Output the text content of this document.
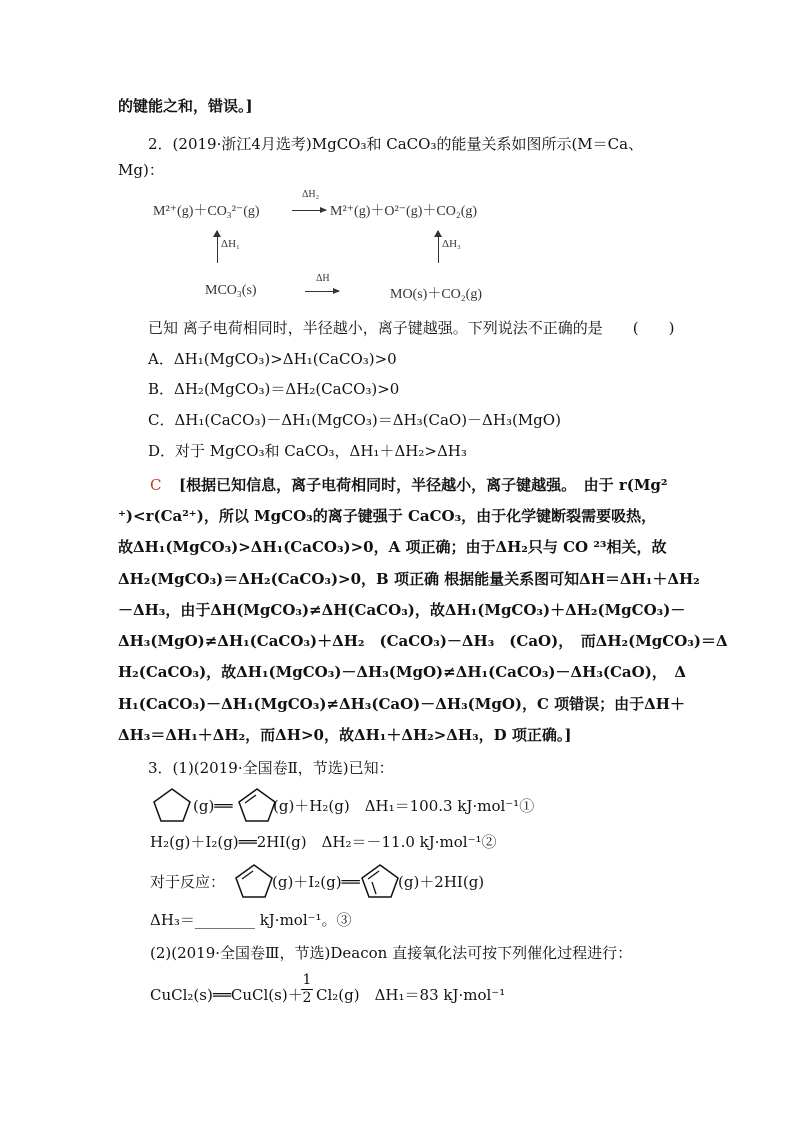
的键能之和，错误。]
2．(2019·浙江4月选考)MgCO₃和 CaCO₃的能量关系如图所示(M＝Ca、
Mg)：
M²⁺(g)＋CO₃²⁻(g)
ΔH₂
M²⁺(g)＋O²⁻(g)＋CO₂(g)
ΔH₁	ΔH₃
MCO₃(s)
ΔH
MO(s)＋CO₂(g)
已知 离子电荷相同时，半径越小，离子键越强。下列说法不正确的是　　(　　)
A．ΔH₁(MgCO₃)>ΔH₁(CaCO₃)>0
B．ΔH₂(MgCO₃)＝ΔH₂(CaCO₃)>0
C．ΔH₁(CaCO₃)－ΔH₁(MgCO₃)＝ΔH₃(CaO)－ΔH₃(MgO)
D．对于 MgCO₃和 CaCO₃，ΔH₁＋ΔH₂>ΔH₃
C [根据已知信息，离子电荷相同时，半径越小，离子键越强。　由于 r(Mg²
⁺)<r(Ca²⁺)，所以 MgCO₃的离子键强于 CaCO₃，由于化学键断裂需要吸热，
故ΔH₁(MgCO₃)>ΔH₁(CaCO₃)>0，A 项正确；由于ΔH₂只与 CO ²³相关，故
ΔH₂(MgCO₃)＝ΔH₂(CaCO₃)>0，B 项正确 根据能量关系图可知ΔH＝ΔH₁＋ΔH₂
－ΔH₃，由于ΔH(MgCO₃)≠ΔH(CaCO₃)，故ΔH₁(MgCO₃)＋ΔH₂(MgCO₃)－
ΔH₃(MgO)≠ΔH₁(CaCO₃)＋ΔH₂　(CaCO₃)－ΔH₃　(CaO)，　而ΔH₂(MgCO₃)＝Δ
H₂(CaCO₃)，故ΔH₁(MgCO₃)－ΔH₃(MgO)≠ΔH₁(CaCO₃)－ΔH₃(CaO)，　Δ
H₁(CaCO₃)－ΔH₁(MgCO₃)≠ΔH₃(CaO)－ΔH₃(MgO)，C 项错误；由于ΔH＋
ΔH₃＝ΔH₁＋ΔH₂，而ΔH>0，故ΔH₁＋ΔH₂>ΔH₃，D 项正确。]
3．(1)(2019·全国卷Ⅱ，节选)已知：
(g)══	(g)＋H₂(g)　ΔH₁＝100.3 kJ·mol⁻¹①
H₂(g)＋I₂(g)══2HI(g)　ΔH₂＝－11.0 kJ·mol⁻¹②
对于反应：	(g)＋I₂(g)══	(g)＋2HI(g)
ΔH₃＝________ kJ·mol⁻¹。③
(2)(2019·全国卷Ⅲ，节选)Deacon 直接氧化法可按下列催化过程进行：
CuCl₂(s)══CuCl(s)＋
$\frac{1}{2} Cl_2(g)$　ΔH₁＝83 kJ·mol⁻¹
